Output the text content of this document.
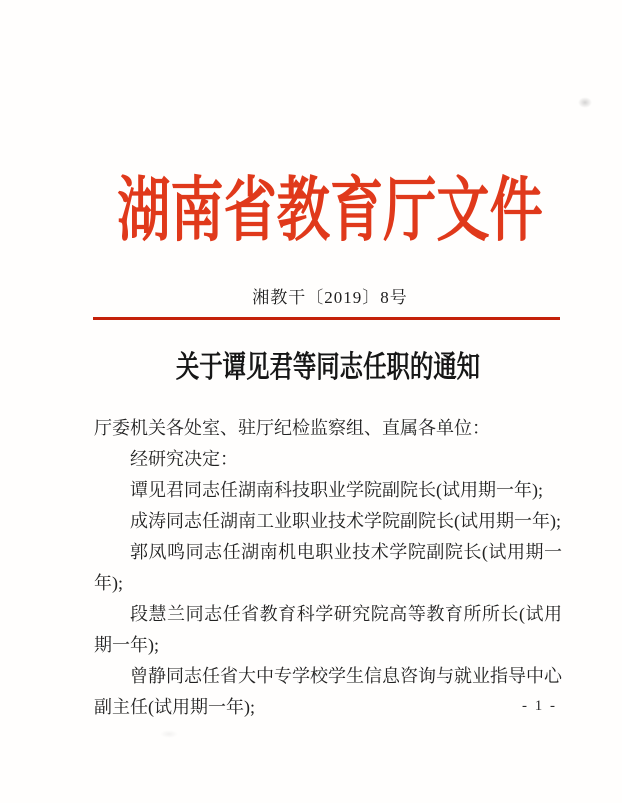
湖南省教育厅文件
湘教干〔2019〕8号
关于谭见君等同志任职的通知

厅委机关各处室、驻厅纪检监察组、直属各单位：

经研究决定：

谭见君同志任湖南科技职业学院副院长(试用期一年);

成涛同志任湖南工业职业技术学院副院长(试用期一年);

郭凤鸣同志任湖南机电职业技术学院副院长(试用期一年);

段慧兰同志任省教育科学研究院高等教育所所长(试用期一年);

曾静同志任省大中专学校学生信息咨询与就业指导中心副主任(试用期一年);	- 1 -
